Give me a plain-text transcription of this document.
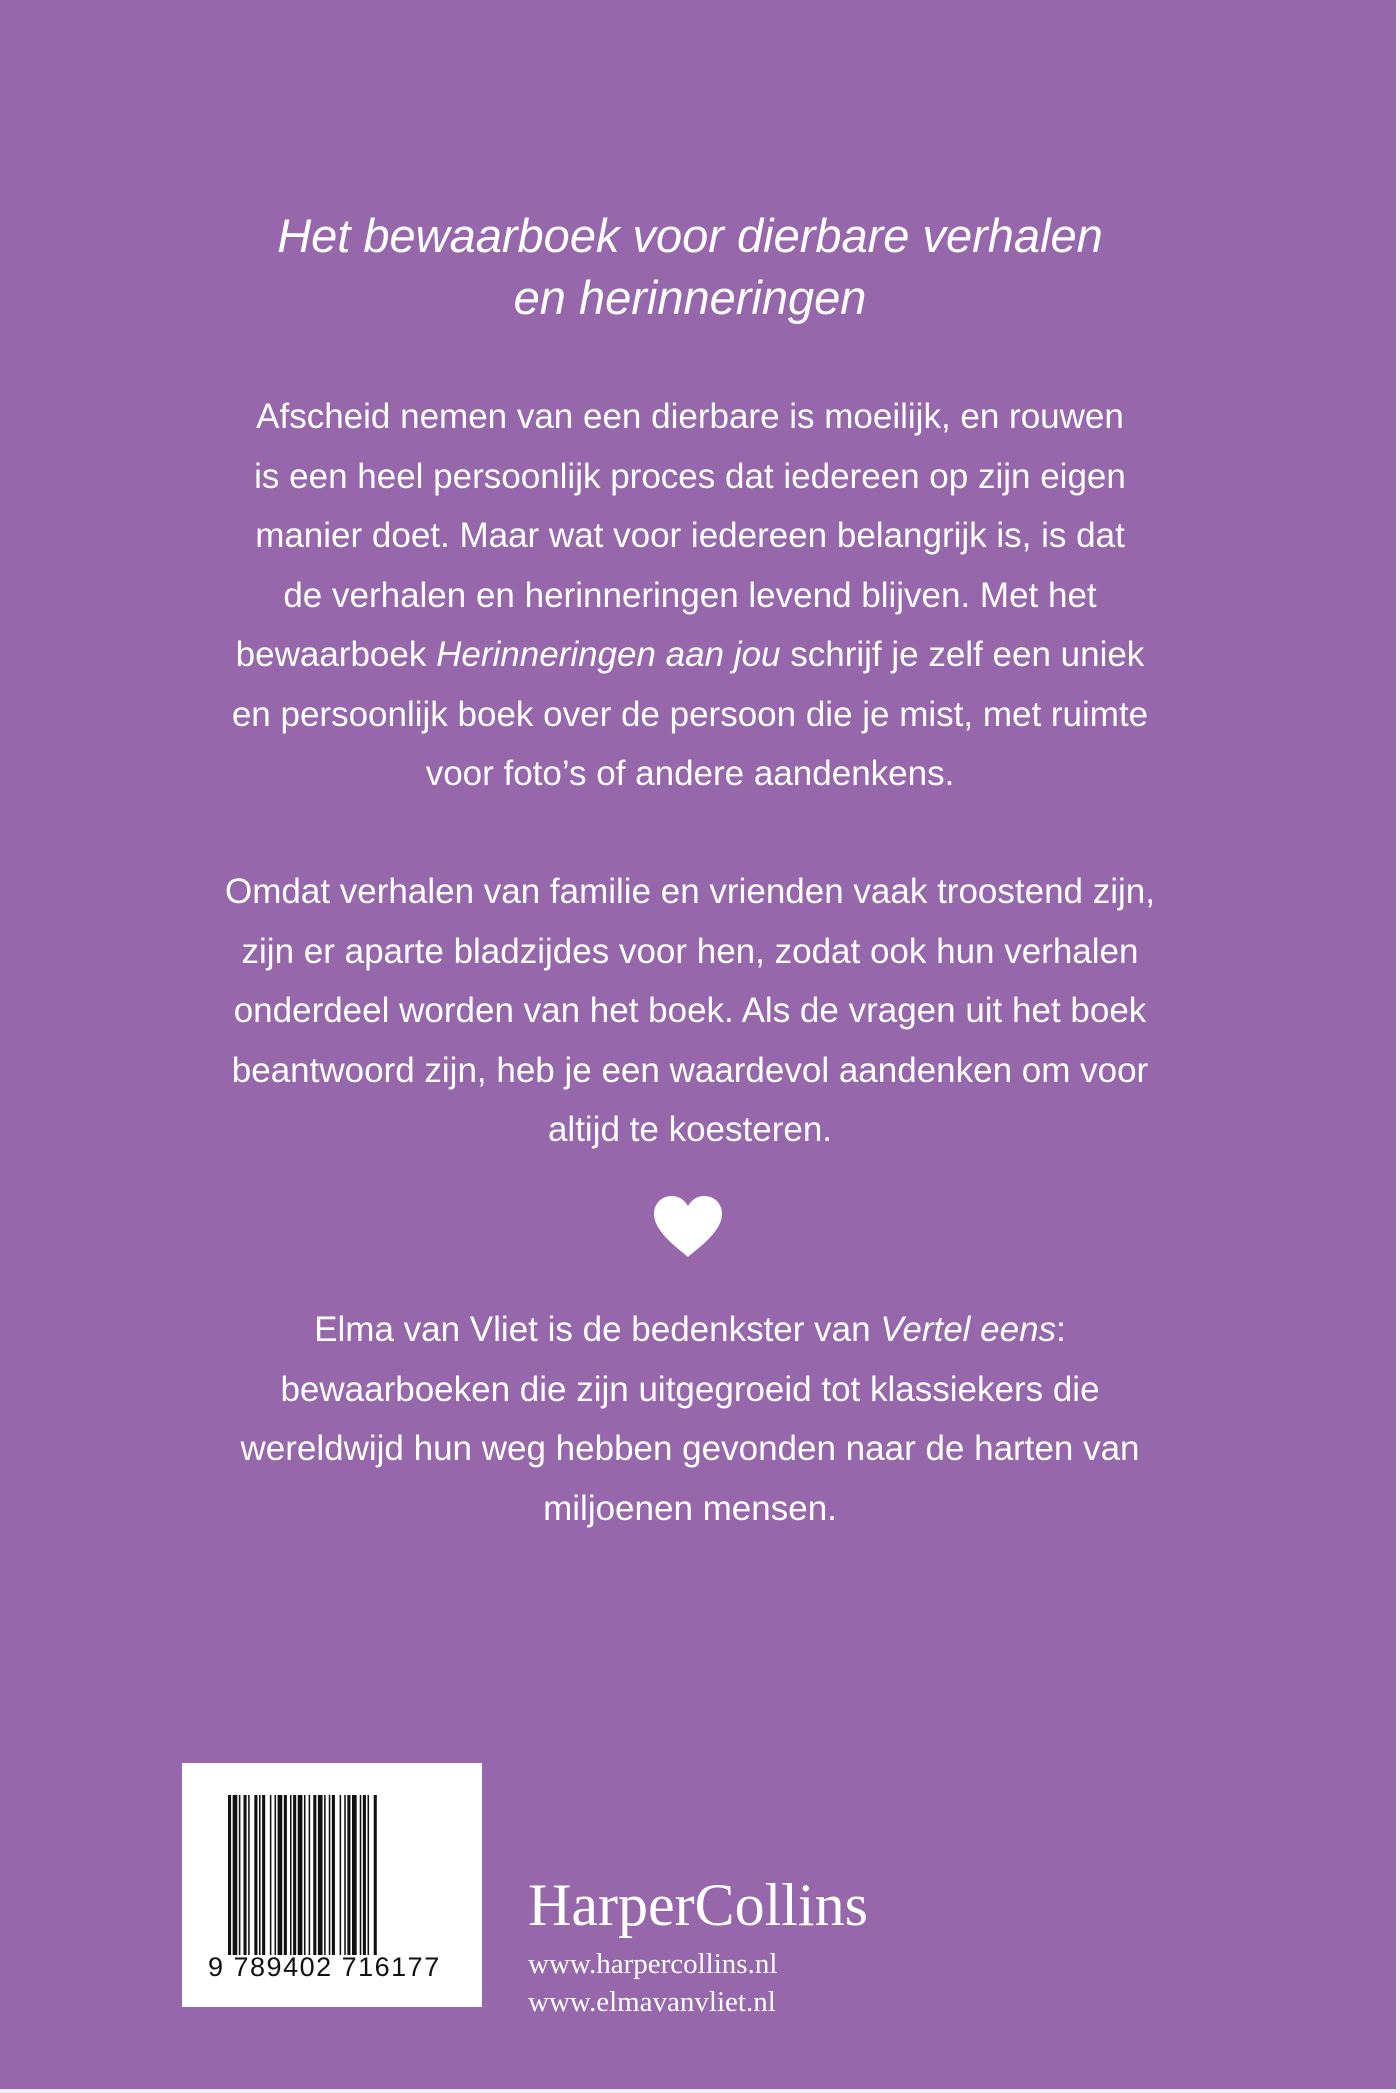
Het bewaarboek voor dierbare verhalen
en herinneringen

Afscheid nemen van een dierbare is moeilijk, en rouwen
is een heel persoonlijk proces dat iedereen op zijn eigen
manier doet. Maar wat voor iedereen belangrijk is, is dat
de verhalen en herinneringen levend blijven. Met het
bewaarboek Herinneringen aan jou schrijf je zelf een uniek
en persoonlijk boek over de persoon die je mist, met ruimte
voor foto’s of andere aandenkens.

Omdat verhalen van familie en vrienden vaak troostend zijn,
zijn er aparte bladzijdes voor hen, zodat ook hun verhalen
onderdeel worden van het boek. Als de vragen uit het boek
beantwoord zijn, heb je een waardevol aandenken om voor
altijd te koesteren.

Elma van Vliet is de bedenkster van Vertel eens:
bewaarboeken die zijn uitgegroeid tot klassiekers die
wereldwijd hun weg hebben gevonden naar de harten van
miljoenen mensen.

9 789402 716177
HarperCollins
www.harpercollins.nl
www.elmavanvliet.nl
